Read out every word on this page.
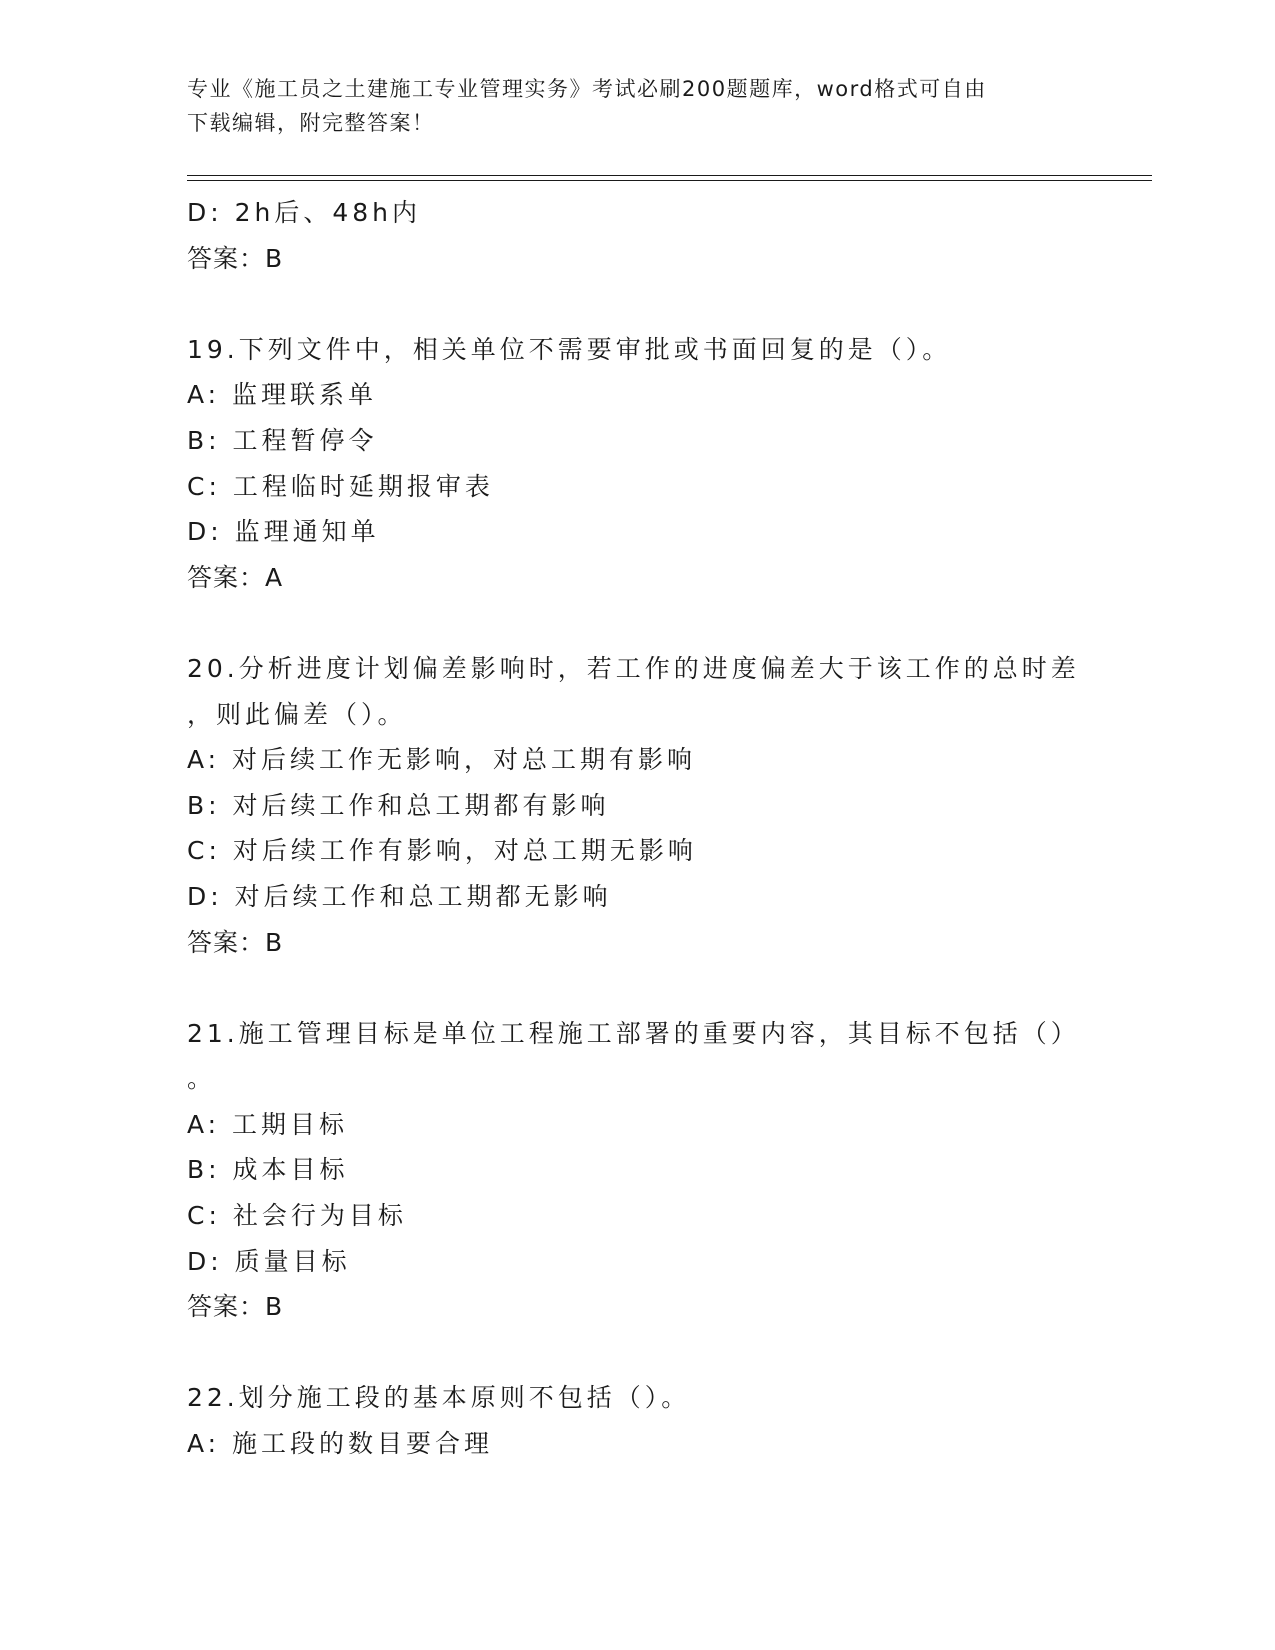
专业《施工员之土建施工专业管理实务》考试必刷200题题库，word格式可自由
下载编辑，附完整答案！
D: 2h后、48h内
答案：B
19.下列文件中，相关单位不需要审批或书面回复的是（）。
A: 监理联系单
B: 工程暂停令
C: 工程临时延期报审表
D: 监理通知单
答案：A
20.分析进度计划偏差影响时，若工作的进度偏差大于该工作的总时差
，则此偏差（）。
A: 对后续工作无影响，对总工期有影响
B: 对后续工作和总工期都有影响
C: 对后续工作有影响，对总工期无影响
D: 对后续工作和总工期都无影响
答案：B
21.施工管理目标是单位工程施工部署的重要内容，其目标不包括（）
。
A: 工期目标
B: 成本目标
C: 社会行为目标
D: 质量目标
答案：B
22.划分施工段的基本原则不包括（）。
A: 施工段的数目要合理
